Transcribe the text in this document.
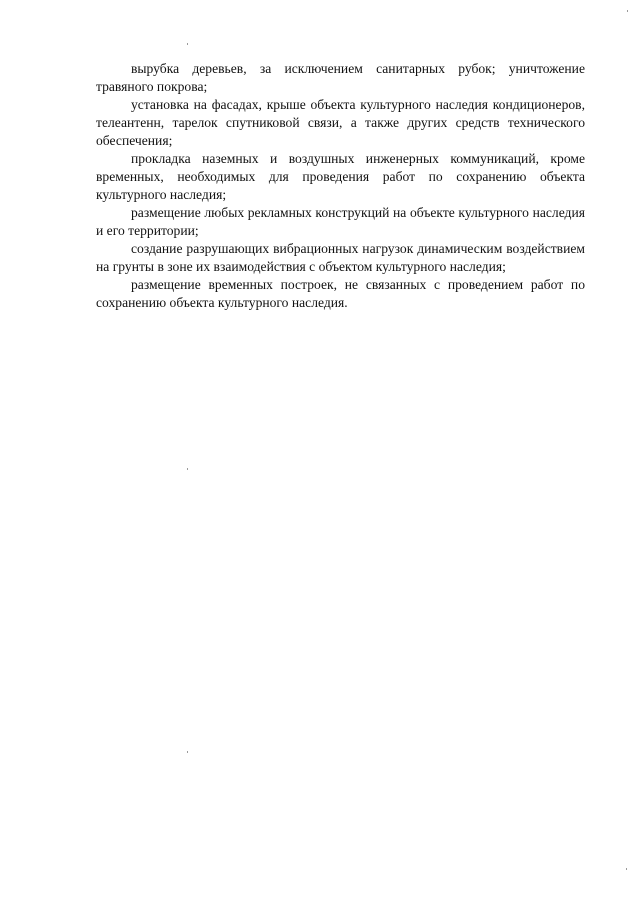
вырубка деревьев, за исключением санитарных рубок; уничтожение травяного покрова;

установка на фасадах, крыше объекта культурного наследия кондиционеров, телеантенн, тарелок спутниковой связи, а также других средств технического обеспечения;

прокладка наземных и воздушных инженерных коммуникаций, кроме временных, необходимых для проведения работ по сохранению объекта культурного наследия;

размещение любых рекламных конструкций на объекте культурного наследия и его территории;

создание разрушающих вибрационных нагрузок динамическим воздействием на грунты в зоне их взаимодействия с объектом культурного наследия;

размещение временных построек, не связанных с проведением работ по сохранению объекта культурного наследия.
